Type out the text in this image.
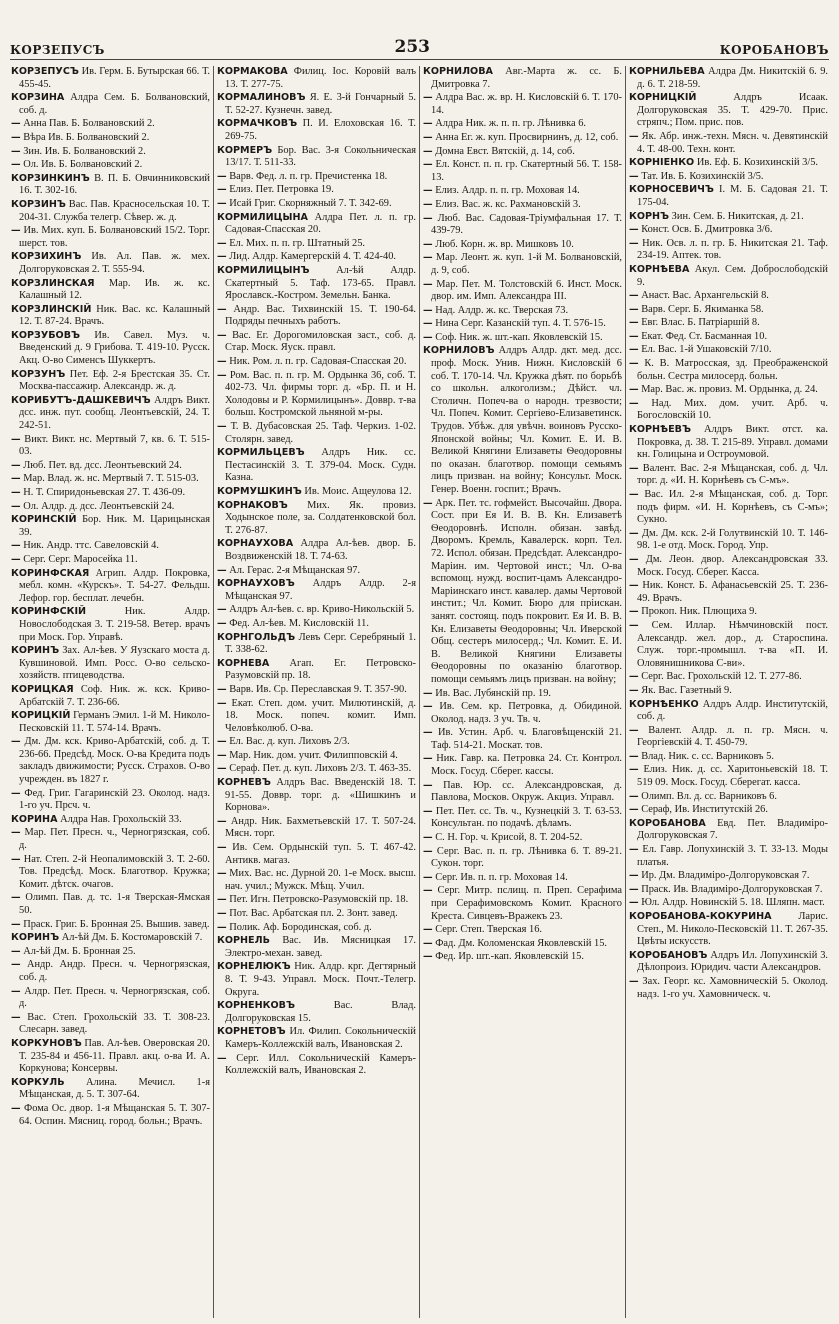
КОРЗЕПУСЪ	253	КОРОБАНОВЪ
КОРЗЕПУСЪ Ив. Герм. Б. Бутырская 66. Т. 455-45.
КОРЗИНА Алдра Сем. Б. Болвановский, соб. д.
— Анна Пав. Б. Болвановский 2.
— Вѣра Ив. Б. Болвановский 2.
— Зин. Ив. Б. Болвановский 2.
— Ол. Ив. Б. Болвановский 2.
КОРЗИНКИНЪ В. П. Б. Овчинниковский 16. Т. 302-16.
КОРЗИНЪ Вас. Пав. Красносельская 10. Т. 204-31. Служба телегр. Сѣвер. ж. д.
— Ив. Мих. куп. Б. Болвановский 15/2. Торг. шерст. тов.
КОРЗИХИНЪ Ив. Ал. Пав. ж. мех. Долгоруковская 2. Т. 555-94.
КОРЗЛИНСКАЯ Мар. Ив. ж. кс. Калашный 12.
КОРЗЛИНСКІЙ Ник. Вас. кс. Калашный 12. Т. 87-24. Врачъ.
КОРЗУБОВЪ Ив. Савел. Муз. ч. Введенский д. 9 Грибова. Т. 419-10. Русск. Акц. О-во Сименсъ Шуккертъ.
КОРЗУНЪ Пет. Еф. 2-я Брестская 35. Ст. Москва-пассажир. Александр. ж. д.
КОРИБУТЪ-ДАШКЕВИЧЪ Алдръ Викт. дсс. инж. пут. сообщ. Леонтьевскій, 24. Т. 242-51.
— Викт. Викт. нс. Мертвый 7, кв. 6. Т. 515-03.
— Люб. Пет. вд. дсс. Леонтьевский 24.
— Мар. Влад. ж. нс. Мертвый 7. Т. 515-03.
— Н. Т. Спиридоньевская 27. Т. 436-09.
— Ол. Алдр. д. дсс. Леонтьевскій 24.
КОРИНСКІЙ Бор. Ник. М. Царицынская 39.
— Ник. Андр. ттс. Савеловскій 4.
— Серг. Серг. Маросейка 11.
КОРИНФСКАЯ Агрип. Алдр. Покровка, мебл. комн. «Курскъ». Т. 54-27. Фельдш. Лефор. гор. бесплат. лечебн.
КОРИНФСКІЙ Ник. Алдр. Новослободская 3. Т. 219-58. Ветер. врачъ при Моск. Гор. Управѣ.
КОРИНЪ Зах. Ал-ѣев. У Яузскаго моста д. Кувшиновой. Имп. Росс. О-во сельско-хозяйств. птицеводства.
КОРИЦКАЯ Соф. Ник. ж. кск. Криво-Арбатскій 7. Т. 236-66.
КОРИЦКІЙ Германъ Эмил. 1-й М. Николо-Песковскій 11. Т. 574-14. Врачъ.
— Дм. Дм. кск. Криво-Арбатскій, соб. д. Т. 236-66. Предсѣд. Моск. О-ва Кредита подъ закладъ движимости; Русск. Страхов. О-во учрежден. въ 1827 г.
— Фед. Григ. Гагаринскій 23. Околод. надз. 1-го уч. Прсч. ч.
КОРИНА Алдра Нав. Грохольскій 33.
— Мар. Пет. Пресн. ч., Черногрязская, соб. д.
— Нат. Степ. 2-й Неопалимовскій 3. Т. 2-60. Тов. Предсѣд. Моск. Благотвор. Кружка; Комит. дѣтск. очагов.
— Олимп. Пав. д. тс. 1-я Тверская-Ямская 50.
— Праск. Григ. Б. Бронная 25. Вышив. завед.
КОРИНЪ Ал-ѣй Дм. Б. Костомаровскій 7.
— Ал-ѣй Дм. Б. Бронная 25.
— Андр. Андр. Пресн. ч. Черногрязская, соб. д.
— Алдр. Пет. Пресн. ч. Черногрязская, соб. д.
— Вас. Степ. Грохольскій 33. Т. 308-23. Слесарн. завед.
КОРКУНОВЪ Пав. Ал-ѣев. Оверовская 20. Т. 235-84 и 456-11. Правл. акц. о-ва И. А. Коркунова; Консервы.
КОРКУЛЬ Алина. Мечисл. 1-я Мѣщанская, д. 5. Т. 307-64.
— Фома Ос. двор. 1-я Мѣщанская 5. Т. 307-64. Оспин. Мясниц. город. больн.; Врачъ.
КОРМАКОВА Филиц. Іос. Коровій валъ 13. Т. 277-75.
КОРМАЛИНОВЪ Я. Е. 3-й Гончарный 5. Т. 52-27. Кузнечн. завед.
КОРМАЧКОВЪ П. И. Елоховская 16. Т. 269-75.
КОРМЕРЪ Бор. Вас. 3-я Сокольническая 13/17. Т. 511-33.
— Варв. Фед. л. п. гр. Пречистенка 18.
— Елиз. Пет. Петровка 19.
— Исай Григ. Скорняжный 7. Т. 342-69.
КОРМИЛИЦЫНА Алдра Пет. л. п. гр. Садовая-Спасская 20.
— Ел. Мих. п. п. гр. Штатный 25.
— Лид. Алдр. Камергерскій 4. Т. 424-40.
КОРМИЛИЦЫНЪ Ал-ѣй Алдр. Скатертный 5. Таф. 173-65. Правл. Ярославск.-Костром. Земельн. Банка.
— Андр. Вас. Тихвинскій 15. Т. 190-64. Подряды печныхъ работъ.
— Вас. Ег. Дорогомиловская заст., соб. д. Стар. Моск. Яуск. правл.
— Ник. Ром. л. п. гр. Садовая-Спасская 20.
— Ром. Вас. п. п. гр. М. Ордынка 36, соб. Т. 402-73. Чл. фирмы торг. д. «Бр. П. и Н. Холодовы и Р. Кормилицынъ». Доввр. т-ва больш. Костромской льняной м-ры.
— Т. В. Дубасовская 25. Таф. Черкиз. 1-02. Столярн. завед.
КОРМИЛЬЦЕВЪ Алдръ Ник. сс. Пестасинскій 3. Т. 379-04. Моск. Судн. Казна.
КОРМУШКИНЪ Ив. Моис. Ащеулова 12.
КОРНАКОВЪ Мих. Як. провиз. Ходынское поле, за. Солдатенковской бол. Т. 276-87.
КОРНАУХОВА Алдра Ал-ѣев. двор. Б. Воздвиженскій 18. Т. 74-63.
— Ал. Герас. 2-я Мѣщанская 97.
КОРНАУХОВЪ Алдръ Алдр. 2-я Мѣщанская 97.
— Алдръ Ал-ѣев. с. вр. Криво-Никольскій 5.
— Фед. Ал-ѣев. М. Кисловскій 11.
КОРНГОЛЬДЪ Левъ Серг. Серебряный 1. Т. 338-62.
КОРНЕВА Агап. Ег. Петровско-Разумовскій пр. 18.
— Варв. Ив. Ср. Переславская 9. Т. 357-90.
— Екат. Степ. дом. учит. Милютинскій, д. 18. Моск. попеч. комит. Имп. Человѣколюб. О-ва.
— Ел. Вас. д. куп. Лиховъ 2/3.
— Мар. Ник. дом. учит. Филипповскій 4.
— Сераф. Пет. д. куп. Лиховъ 2/3. Т. 463-35.
КОРНЕВЪ Алдръ Вас. Введенскій 18. Т. 91-55. Доввр. торг. д. «Шишкинъ и Корнова».
— Андр. Ник. Бахметьевскій 17. Т. 507-24. Мясн. торг.
— Ив. Сем. Ордынскій туп. 5. Т. 467-42. Антикв. магаз.
— Мих. Вас. нс. Дурной 20. 1-е Моск. высш. нач. учил.; Мужск. Мѣщ. Учил.
— Пет. Игн. Петровско-Разумовскій пр. 18.
— Пот. Вас. Арбатская пл. 2. Зонт. завед.
— Полик. Аф. Бородинская, соб. д.
КОРНЕЛЬ Вас. Ив. Мясницкая 17. Электро-механ. завед.
КОРНЕЛЮКЪ Ник. Алдр. крг. Дегтярный 8. Т. 9-43. Управл. Моск. Почт.-Телегр. Округа.
КОРНЕНКОВЪ Вас. Влад. Долгоруковская 15.
КОРНЕТОВЪ Ил. Филип. Сокольническій Камеръ-Коллежскій валъ, Ивановская 2.
— Серг. Илл. Сокольническій Камеръ-Коллежскій валъ, Ивановская 2.
КОРНИЛОВА Авг.-Марта ж. сс. Б. Дмитровка 7.
— Алдра Вас. ж. вр. Н. Кисловскій 6. Т. 170-14.
— Алдра Ник. ж. п. п. гр. Лѣнивка 6.
— Анна Ег. ж. куп. Просвирнинъ, д. 12, соб.
— Домна Евст. Вятскій, д. 14, соб.
— Ел. Конст. п. п. гр. Скатертный 56. Т. 158-13.
— Елиз. Алдр. п. п. гр. Моховая 14.
— Елиз. Вас. ж. кс. Рахмановскій 3.
— Люб. Вас. Садовая-Тріумфальная 17. Т. 439-79.
— Люб. Корн. ж. вр. Мишковъ 10.
— Мар. Леонт. ж. куп. 1-й М. Болвановскій, д. 9, соб.
— Мар. Пет. М. Толстовскій 6. Инст. Моск. двор. им. Имп. Александра III.
— Над. Алдр. ж. кс. Тверская 73.
— Нина Серг. Казанскій туп. 4. Т. 576-15.
— Соф. Ник. ж. шт.-кап. Яковлевскій 15.
КОРНИЛОВЪ Алдръ Алдр. дкт. мед. дсс. проф. Моск. Унив. Нижн. Кисловскій 6 соб. Т. 170-14. Чл. Кружка дѣят. по борьбѣ со школьн. алкоголизм.; Дѣйст. чл. Столичн. Попеч-ва о народн. трезвости; Чл. Попеч. Комит. Сергіево-Елизаветинск. Трудов. Убѣж. для увѣчн. воиновъ Русско-Японской войны; Чл. Комит. Е. И. В. Великой Княгини Елизаветы Ѳеодоровны по оказан. благотвор. помощи семьямъ лицъ призван. на войну; Консульт. Моск. Генер. Военн. госпит.; Врачъ.
— Арк. Пет. тс. гофмейст. Высочайш. Двора. Сост. при Ея И. В. В. Кн. Елизаветѣ Ѳеодоровнѣ. Исполн. обязан. завѣд. Дворомъ. Кремль, Кавалерск. корп. Тел. 72. Испол. обязан. Предсѣдат. Александро-Маріин. им. Чертовой инст.; Чл. О-ва вспомощ. нужд. воспит-цамъ Александро-Маріинскаго инст. кавалер. дамы Чертовой инстит.; Чл. Комит. Бюро для пріискан. занят. состоящ. подъ покровит. Ея И. В. В. Кн. Елизаветы Ѳеодоровны; Чл. Иверской Общ. сестеръ милосерд.; Чл. Комит. Е. И. В. Великой Княгини Елизаветы Ѳеодоровны по оказанію благотвор. помощи семьямъ лицъ призван. на войну;
— Ив. Вас. Лубянскій пр. 19.
— Ив. Сем. кр. Петровка, д. Обидиной. Околод. надз. 3 уч. Тв. ч.
— Ив. Устин. Арб. ч. Благовѣщенскій 21. Таф. 514-21. Москат. тов.
— Ник. Гавр. ка. Петровка 24. Ст. Контрол. Моск. Госуд. Сберег. кассы.
— Пав. Юр. сс. Александровская, д. Павлова, Москов. Окруж. Акциз. Управл.
— Пет. Пет. сс. Тв. ч., Кузнецкій 3. Т. 63-53. Консультан. по подачѣ. дѣламъ.
— С. Н. Гор. ч. Крисой, 8. Т. 204-52.
— Серг. Вас. п. п. гр. Лѣнивка 6. Т. 89-21. Сукон. торг.
— Серг. Ив. п. п. гр. Моховая 14.
— Серг. Митр. пслищ. п. Преп. Серафима при Серафимовскомъ Комит. Красного Креста. Сивцевъ-Вражекъ 23.
— Серг. Степ. Тверская 16.
— Фад. Дм. Коломенская Яковлевскій 15.
— Фед. Ир. шт.-кап. Яковлевскій 15.
КОРНИЛЬЕВА Алдра Дм. Никитскій 6. 9. д. 6. Т. 218-59.
КОРНИЦКІЙ Алдръ Исаак. Долгоруковская 35. Т. 429-70. Прис. стряпч.; Пом. прис. пов.
— Як. Абр. инж.-техн. Мясн. ч. Девятинскій 4. Т. 48-00. Техн. конт.
КОРНІЕНКО Ив. Еф. Б. Козихинскій 3/5.
— Тат. Ив. Б. Козихинскій 3/5.
КОРНОСЕВИЧЪ І. М. Б. Садовая 21. Т. 175-04.
КОРНЪ Зин. Сем. Б. Никитская, д. 21.
— Конст. Осв. Б. Дмитровка 3/6.
— Ник. Осв. л. п. гр. Б. Никитская 21. Таф. 234-19. Аптек. тов.
КОРНѢЕВА Акул. Сем. Доброслободскій 9.
— Анаст. Вас. Архангельскій 8.
— Варв. Серг. Б. Якиманка 58.
— Евг. Влас. Б. Патріаршій 8.
— Екат. Фед. Ст. Басманная 10.
— Ел. Вас. 1-й Ушаковскій 7/10.
— К. В. Матросская, зд. Преображенской больн. Сестра милосерд. больн.
— Мар. Вас. ж. провиз. М. Ордынка, д. 24.
— Над. Мих. дом. учит. Арб. ч. Богословскій 10.
КОРНѢЕВЪ Алдръ Викт. отст. ка. Покровка, д. 38. Т. 215-89. Управл. домами кн. Голицына и Остроумовой.
— Валент. Вас. 2-я Мѣщанская, соб. д. Чл. торг. д. «И. Н. Корнѣевъ съ С-мъ».
— Вас. Ил. 2-я Мѣщанская, соб. д. Торг. подъ фирм. «И. Н. Корнѣевъ, съ С-мъ»; Сукно.
— Дм. Дм. кск. 2-й Голутвинскій 10. Т. 146-98. 1-е отд. Моск. Город. Упр.
— Дм. Леон. двор. Александровская 33. Моск. Госуд. Сберег. Касса.
— Ник. Конст. Б. Афанасьевскій 25. Т. 236-49. Врачъ.
— Прокоп. Ник. Плющиха 9.
— Сем. Иллар. Нѣмчиновскій пост. Александр. жел. дор., д. Староспина. Служ. торг.-промышл. т-ва «П. И. Оловянишникова С-ви».
— Серг. Вас. Грохольскій 12. Т. 277-86.
— Як. Вас. Газетный 9.
КОРНѢЕНКО Алдръ Алдр. Институтскій, соб. д.
— Валент. Алдр. л. п. гр. Мясн. ч. Георгіевскій 4. Т. 450-79.
— Влад. Ник. с. сс. Варниковъ 5.
— Елиз. Ник. д. сс. Харитоньевскій 18. Т. 519 09. Моск. Госуд. Сберегат. касса.
— Олимп. Вл. д. сс. Варниковъ 6.
— Сераф, Ив. Институтскій 26.
КОРОБАНОВА Евд. Пет. Владиміро-Долгоруковская 7.
— Ел. Гавр. Лопухинскій 3. Т. 33-13. Моды платья.
— Ир. Дм. Владиміро-Долгоруковская 7.
— Праск. Ив. Владиміро-Долгоруковская 7.
— Юл. Алдр. Новинскій 5. 18. Шляпн. маст.
КОРОБАНОВА-КОКУРИНА Ларис. Степ., М. Николо-Песковскій 11. Т. 267-35. Цвѣты искусств.
КОРОБАНОВЪ Алдръ Ил. Лопухинскій 3. Дѣлопроиз. Юридич. части Александров.
— Зах. Георг. кс. Хамовническій 5. Околод. надз. 1-го уч. Хамовническ. ч.
